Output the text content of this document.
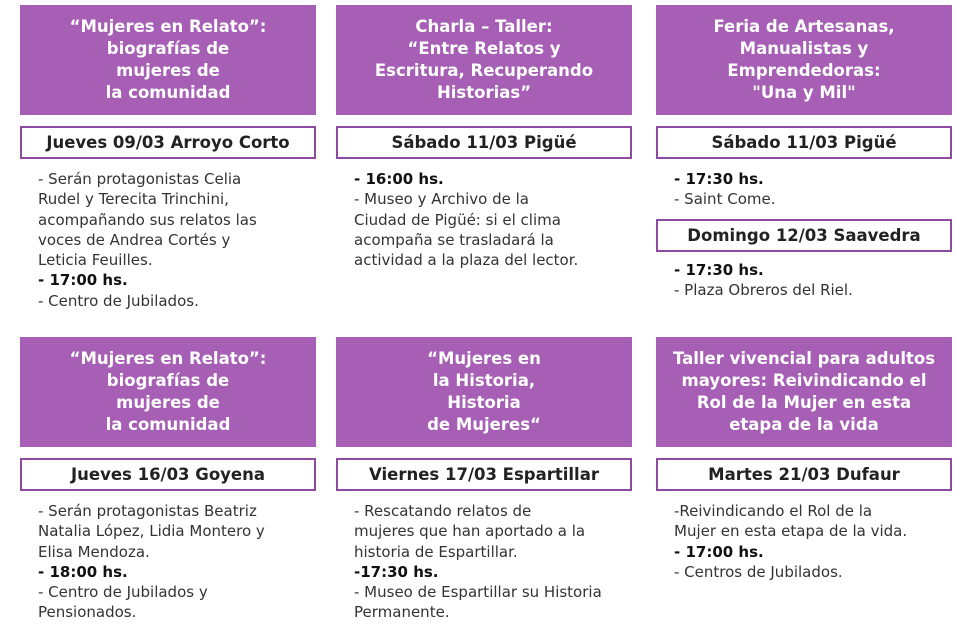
“Mujeres en Relato”:
biografías de
mujeres de
la comunidad
Jueves 09/03 Arroyo Corto

- Serán protagonistas Celia

Rudel y Terecita Trinchini,

acompañando sus relatos las

voces de Andrea Cortés y

Leticia Feuilles.

- 17:00 hs.

- Centro de Jubilados.

Charla – Taller:
“Entre Relatos y
Escritura, Recuperando
Historias”
Sábado 11/03 Pigüé

- 16:00 hs.

- Museo y Archivo de la

Ciudad de Pigüé: si el clima

acompaña se trasladará la

actividad a la plaza del lector.

Feria de Artesanas,
Manualistas y
Emprendedoras:
"Una y Mil"
Sábado 11/03 Pigüé

- 17:30 hs.

- Saint Come.

Domingo 12/03 Saavedra

- 17:30 hs.

- Plaza Obreros del Riel.

“Mujeres en Relato”:
biografías de
mujeres de
la comunidad
Jueves 16/03 Goyena

- Serán protagonistas Beatriz

Natalia López, Lidia Montero y

Elisa Mendoza.

- 18:00 hs.

- Centro de Jubilados y

Pensionados.

“Mujeres en
la Historia,
Historia
de Mujeres“
Viernes 17/03 Espartillar

- Rescatando relatos de

mujeres que han aportado a la

historia de Espartillar.

-17:30 hs.

- Museo de Espartillar su Historia

Permanente.

Taller vivencial para adultos
mayores: Reivindicando el
Rol de la Mujer en esta
etapa de la vida
Martes 21/03 Dufaur

-Reivindicando el Rol de la

Mujer en esta etapa de la vida.

- 17:00 hs.

- Centros de Jubilados.
